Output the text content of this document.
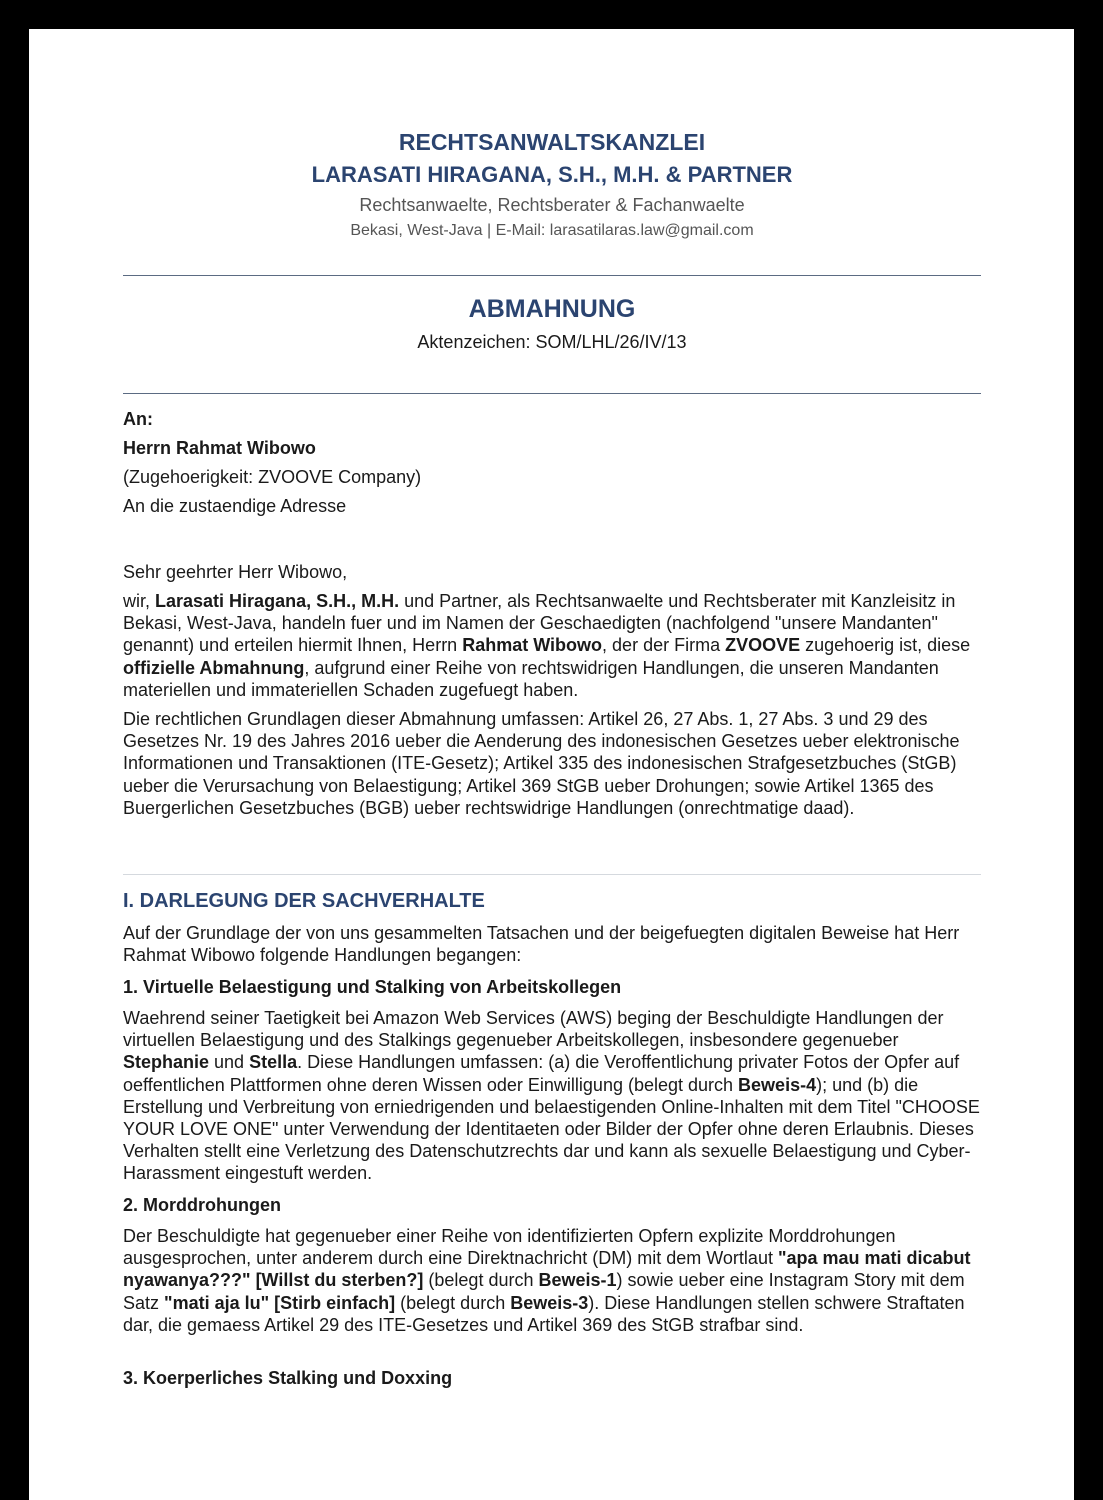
RECHTSANWALTSKANZLEI
LARASATI HIRAGANA, S.H., M.H. & PARTNER
Rechtsanwaelte, Rechtsberater & Fachanwaelte
Bekasi, West-Java | E-Mail: larasatilaras.law@gmail.com
ABMAHNUNG
Aktenzeichen: SOM/LHL/26/IV/13
An:
Herrn Rahmat Wibowo
(Zugehoerigkeit: ZVOOVE Company)
An die zustaendige Adresse
Sehr geehrter Herr Wibowo,
wir, Larasati Hiragana, S.H., M.H. und Partner, als Rechtsanwaelte und Rechtsberater mit Kanzleisitz in Bekasi, West-Java, handeln fuer und im Namen der Geschaedigten (nachfolgend "unsere Mandanten" genannt) und erteilen hiermit Ihnen, Herrn Rahmat Wibowo, der der Firma ZVOOVE zugehoerig ist, diese offizielle Abmahnung, aufgrund einer Reihe von rechtswidrigen Handlungen, die unseren Mandanten materiellen und immateriellen Schaden zugefuegt haben.
Die rechtlichen Grundlagen dieser Abmahnung umfassen: Artikel 26, 27 Abs. 1, 27 Abs. 3 und 29 des Gesetzes Nr. 19 des Jahres 2016 ueber die Aenderung des indonesischen Gesetzes ueber elektronische Informationen und Transaktionen (ITE-Gesetz); Artikel 335 des indonesischen Strafgesetzbuches (StGB) ueber die Verursachung von Belaestigung; Artikel 369 StGB ueber Drohungen; sowie Artikel 1365 des Buergerlichen Gesetzbuches (BGB) ueber rechtswidrige Handlungen (onrechtmatige daad).
I. DARLEGUNG DER SACHVERHALTE
Auf der Grundlage der von uns gesammelten Tatsachen und der beigefuegten digitalen Beweise hat Herr Rahmat Wibowo folgende Handlungen begangen:
1. Virtuelle Belaestigung und Stalking von Arbeitskollegen
Waehrend seiner Taetigkeit bei Amazon Web Services (AWS) beging der Beschuldigte Handlungen der virtuellen Belaestigung und des Stalkings gegenueber Arbeitskollegen, insbesondere gegenueber Stephanie und Stella. Diese Handlungen umfassen: (a) die Veroffentlichung privater Fotos der Opfer auf oeffentlichen Plattformen ohne deren Wissen oder Einwilligung (belegt durch Beweis-4); und (b) die Erstellung und Verbreitung von erniedrigenden und belaestigenden Online-Inhalten mit dem Titel "CHOOSE YOUR LOVE ONE" unter Verwendung der Identitaeten oder Bilder der Opfer ohne deren Erlaubnis. Dieses Verhalten stellt eine Verletzung des Datenschutzrechts dar und kann als sexuelle Belaestigung und Cyber-Harassment eingestuft werden.
2. Morddrohungen
Der Beschuldigte hat gegenueber einer Reihe von identifizierten Opfern explizite Morddrohungen ausgesprochen, unter anderem durch eine Direktnachricht (DM) mit dem Wortlaut "apa mau mati dicabut nyawanya???" [Willst du sterben?] (belegt durch Beweis-1) sowie ueber eine Instagram Story mit dem Satz "mati aja lu" [Stirb einfach] (belegt durch Beweis-3). Diese Handlungen stellen schwere Straftaten dar, die gemaess Artikel 29 des ITE-Gesetzes und Artikel 369 des StGB strafbar sind.
3. Koerperliches Stalking und Doxxing
